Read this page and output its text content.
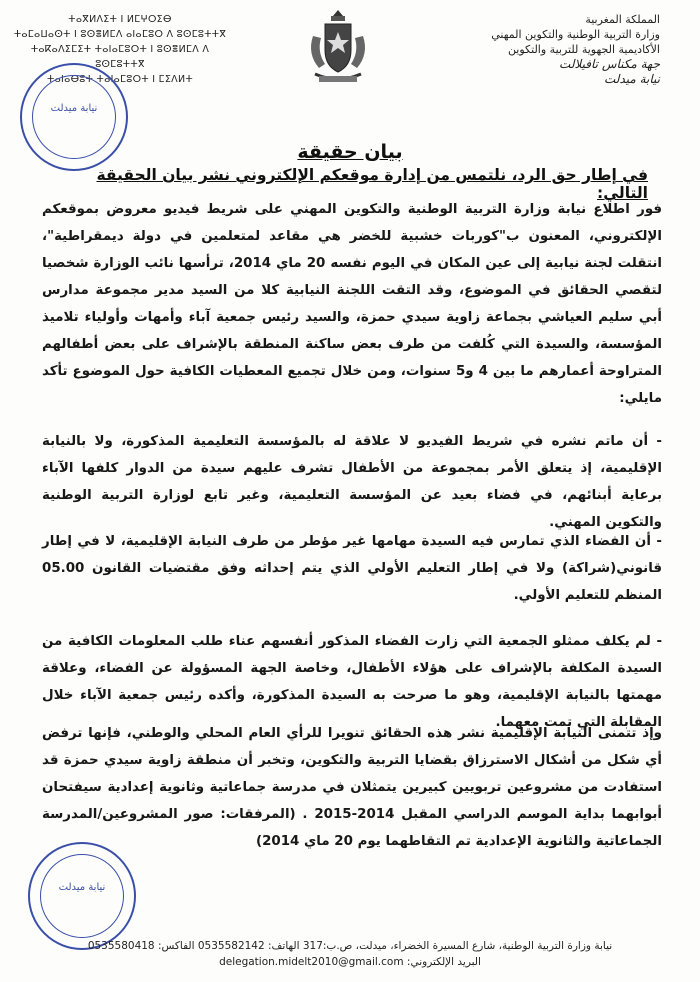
ⵜⴰⴳⵍⴷⵉⵜ ⵏ ⵍⵎⵖⵔⵉⴱ
ⵜⴰⵎⴰⵡⴰⵙⵜ ⵏ ⵓⵙⴻⵍⵎⴷ ⴰⵏⴰⵎⵓⵔ ⴷ ⵓⵙⵎⵓⵜⵜⴳ
ⵜⴰⴽⴰⴷⵉⵎⵉⵜ ⵜⴰⵏⴰⵎⵓⵔⵜ ⵏ ⵓⵙⴻⵍⵎⴷ ⴷ ⵓⵙⵎⵓⵜⵜⴳ
ⵜⴰⵏⴰⴱⵓⵜ ⵜⴰⵏⴰⵎⵓⵔⵜ ⵏ ⵎⵉⴷⵍⵜ
المملكة المغربية
وزارة التربية الوطنية والتكوين المهني
الأكاديمية الجهوية للتربية والتكوين
جهة مكناس تافيلالت
نيابة ميدلت
نيابة ميدلت
بيان حقيقة
في إطار حق الرد، نلتمس من إدارة موقعكم الإلكتروني نشر بيان الحقيقة التالي:
فور اطلاع نيابة وزارة التربية الوطنية والتكوين المهني على شريط فيديو معروض بموقعكم الإلكتروني، المعنون ب"كوربات خشبية للخضر هي مقاعد لمتعلمين في دولة ديمقراطية"، انتقلت لجنة نيابية إلى عين المكان في اليوم نفسه 20 ماي 2014، ترأسها نائب الوزارة شخصيا لتقصي الحقائق في الموضوع، وقد التقت اللجنة النيابية كلا من السيد مدير مجموعة مدارس أبي سليم العياشي بجماعة زاوية سيدي حمزة، والسيد رئيس جمعية آباء وأمهات وأولياء تلاميذ المؤسسة، والسيدة التي كُلفت من طرف بعض ساكنة المنطقة بالإشراف على بعض أطفالهم المتراوحة أعمارهم ما بين 4 و5 سنوات، ومن خلال تجميع المعطيات الكافية حول الموضوع تأكد مايلي:
- أن ماتم نشره في شريط الفيديو لا علاقة له بالمؤسسة التعليمية المذكورة، ولا بالنيابة الإقليمية، إذ يتعلق الأمر بمجموعة من الأطفال تشرف عليهم سيدة من الدوار كلفها الآباء برعاية أبنائهم، في فضاء بعيد عن المؤسسة التعليمية، وغير تابع لوزارة التربية الوطنية والتكوين المهني.
- أن الفضاء الذي تمارس فيه السيدة مهامها غير مؤطر من طرف النيابة الإقليمية، لا في إطار قانوني(شراكة) ولا في إطار التعليم الأولي الذي يتم إحداثه وفق مقتضيات القانون 05.00 المنظم للتعليم الأولي.
- لم يكلف ممثلو الجمعية التي زارت الفضاء المذكور أنفسهم عناء طلب المعلومات الكافية من السيدة المكلفة بالإشراف على هؤلاء الأطفال، وخاصة الجهة المسؤولة عن الفضاء، وعلاقة مهمتها بالنيابة الإقليمية، وهو ما صرحت به السيدة المذكورة، وأكده رئيس جمعية الآباء خلال المقابلة التي تمت معهما.
وإذ تتمنى النيابة الإقليمية نشر هذه الحقائق تنويرا للرأي العام المحلي والوطني، فإنها ترفض أي شكل من أشكال الاسترزاق بقضايا التربية والتكوين، وتخبر أن منطقة زاوية سيدي حمزة قد استفادت من مشروعين تربويين كبيرين يتمثلان في مدرسة جماعاتية وثانوية إعدادية سيفتحان أبوابهما بداية الموسم الدراسي المقبل 2014-2015 . (المرفقات: صور المشروعين/المدرسة الجماعاتية والثانوية الإعدادية تم التقاطهما يوم 20 ماي 2014)
نيابة ميدلت
نيابة وزارة التربية الوطنية، شارع المسيرة الخضراء، ميدلت، ص.ب:317 الهاتف: 0535582142 الفاكس: 0535580418
البريد الإلكتروني: delegation.midelt2010@gmail.com
